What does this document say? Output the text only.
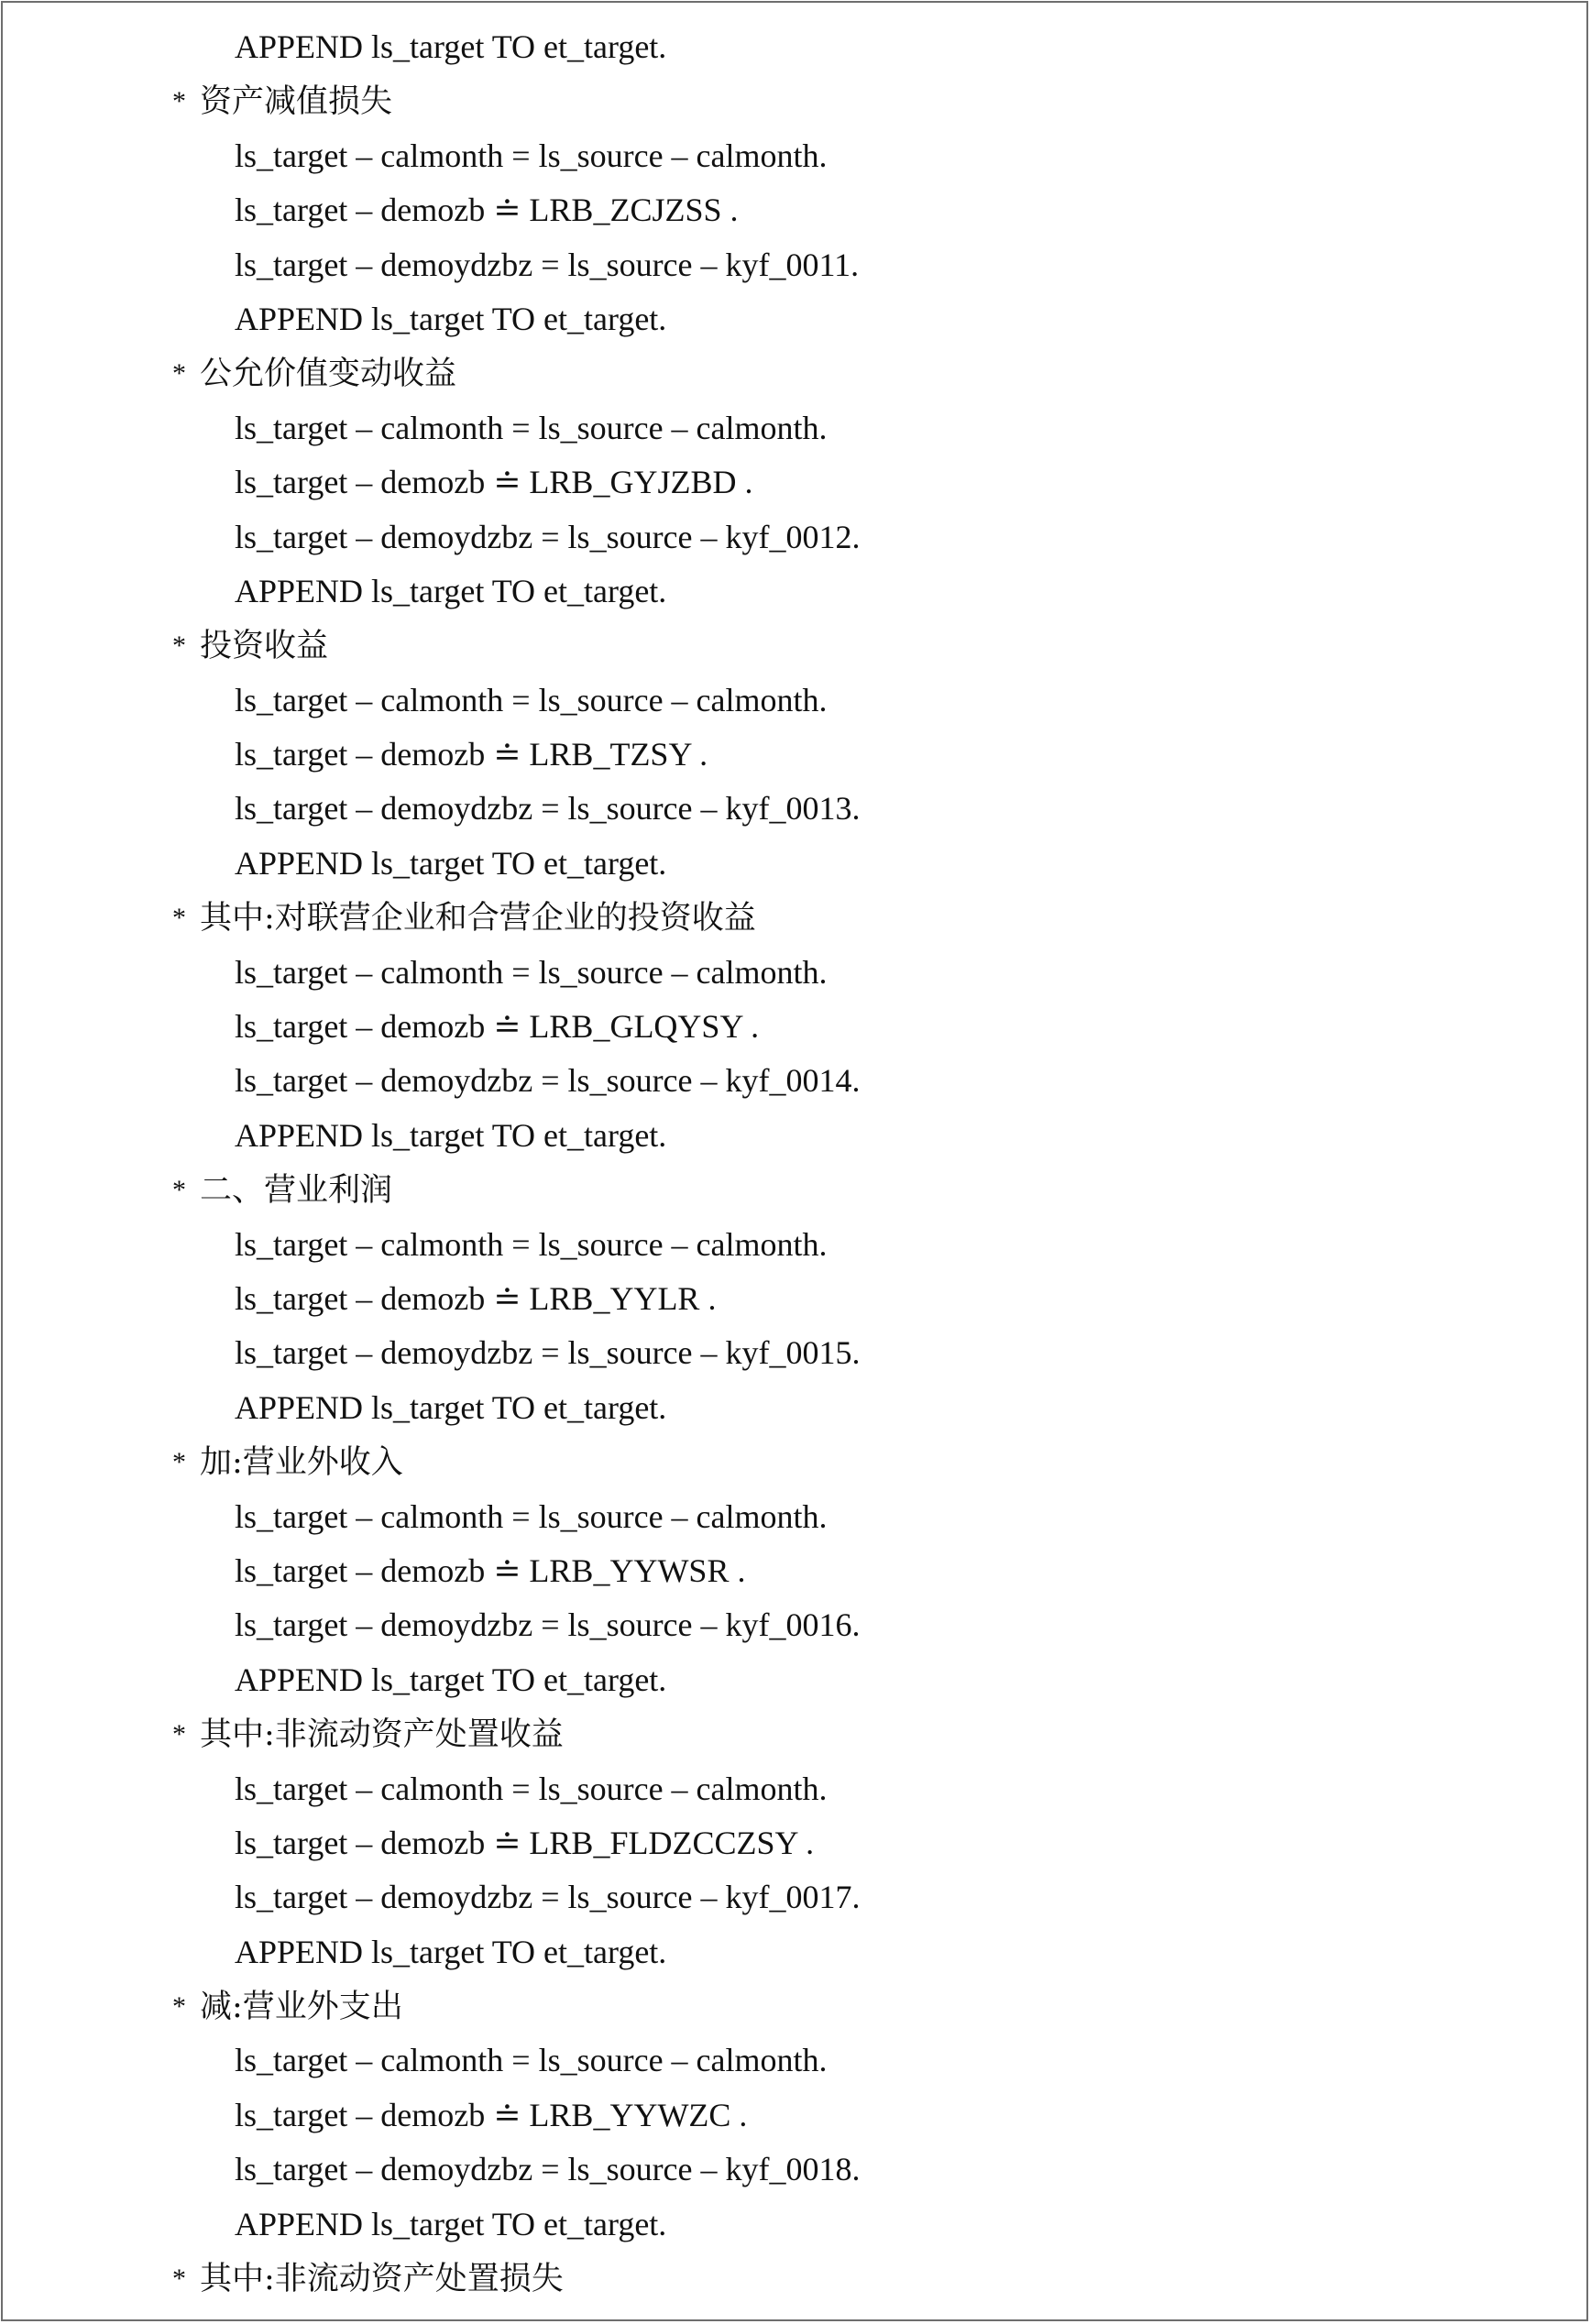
APPEND ls_target TO et_target.
* 资产减值损失
ls_target – calmonth = ls_source – calmonth.
ls_target – demozb ≐ LRB_ZCJZSS .
ls_target – demoydzbz = ls_source – kyf_0011.
APPEND ls_target TO et_target.
* 公允价值变动收益
ls_target – calmonth = ls_source – calmonth.
ls_target – demozb ≐ LRB_GYJZBD .
ls_target – demoydzbz = ls_source – kyf_0012.
APPEND ls_target TO et_target.
* 投资收益
ls_target – calmonth = ls_source – calmonth.
ls_target – demozb ≐ LRB_TZSY .
ls_target – demoydzbz = ls_source – kyf_0013.
APPEND ls_target TO et_target.
* 其中:对联营企业和合营企业的投资收益
ls_target – calmonth = ls_source – calmonth.
ls_target – demozb ≐ LRB_GLQYSY .
ls_target – demoydzbz = ls_source – kyf_0014.
APPEND ls_target TO et_target.
* 二、营业利润
ls_target – calmonth = ls_source – calmonth.
ls_target – demozb ≐ LRB_YYLR .
ls_target – demoydzbz = ls_source – kyf_0015.
APPEND ls_target TO et_target.
* 加:营业外收入
ls_target – calmonth = ls_source – calmonth.
ls_target – demozb ≐ LRB_YYWSR .
ls_target – demoydzbz = ls_source – kyf_0016.
APPEND ls_target TO et_target.
* 其中:非流动资产处置收益
ls_target – calmonth = ls_source – calmonth.
ls_target – demozb ≐ LRB_FLDZCCZSY .
ls_target – demoydzbz = ls_source – kyf_0017.
APPEND ls_target TO et_target.
* 减:营业外支出
ls_target – calmonth = ls_source – calmonth.
ls_target – demozb ≐ LRB_YYWZC .
ls_target – demoydzbz = ls_source – kyf_0018.
APPEND ls_target TO et_target.
* 其中:非流动资产处置损失
